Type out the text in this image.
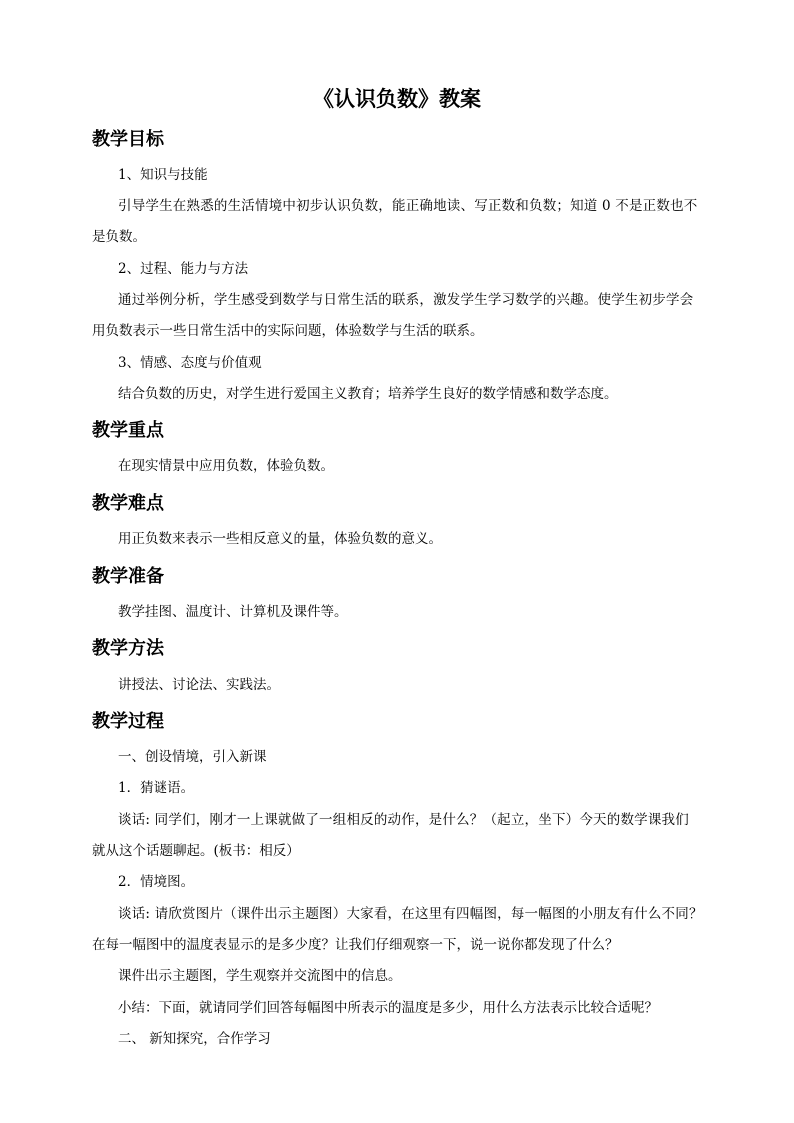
《认识负数》教案
教学目标
1、知识与技能
引导学生在熟悉的生活情境中初步认识负数，能正确地读、写正数和负数；知道 0 不是正数也不
是负数。
2、过程、能力与方法
通过举例分析，学生感受到数学与日常生活的联系，激发学生学习数学的兴趣。使学生初步学会
用负数表示一些日常生活中的实际问题，体验数学与生活的联系。
3、情感、态度与价值观
结合负数的历史，对学生进行爱国主义教育；培养学生良好的数学情感和数学态度。
教学重点
在现实情景中应用负数，体验负数。
教学难点
用正负数来表示一些相反意义的量，体验负数的意义。
教学准备
教学挂图、温度计、计算机及课件等。
教学方法
讲授法、讨论法、实践法。
教学过程
一、创设情境，引入新课
1．猜谜语。
谈话: 同学们，刚才一上课就做了一组相反的动作，是什么？（起立，坐下）今天的数学课我们
就从这个话题聊起。(板书：相反）
2．情境图。
谈话: 请欣赏图片（课件出示主题图）大家看，在这里有四幅图，每一幅图的小朋友有什么不同？
在每一幅图中的温度表显示的是多少度？让我们仔细观察一下，说一说你都发现了什么？
课件出示主题图，学生观察并交流图中的信息。
小结：下面，就请同学们回答每幅图中所表示的温度是多少，用什么方法表示比较合适呢？
二、 新知探究，合作学习
